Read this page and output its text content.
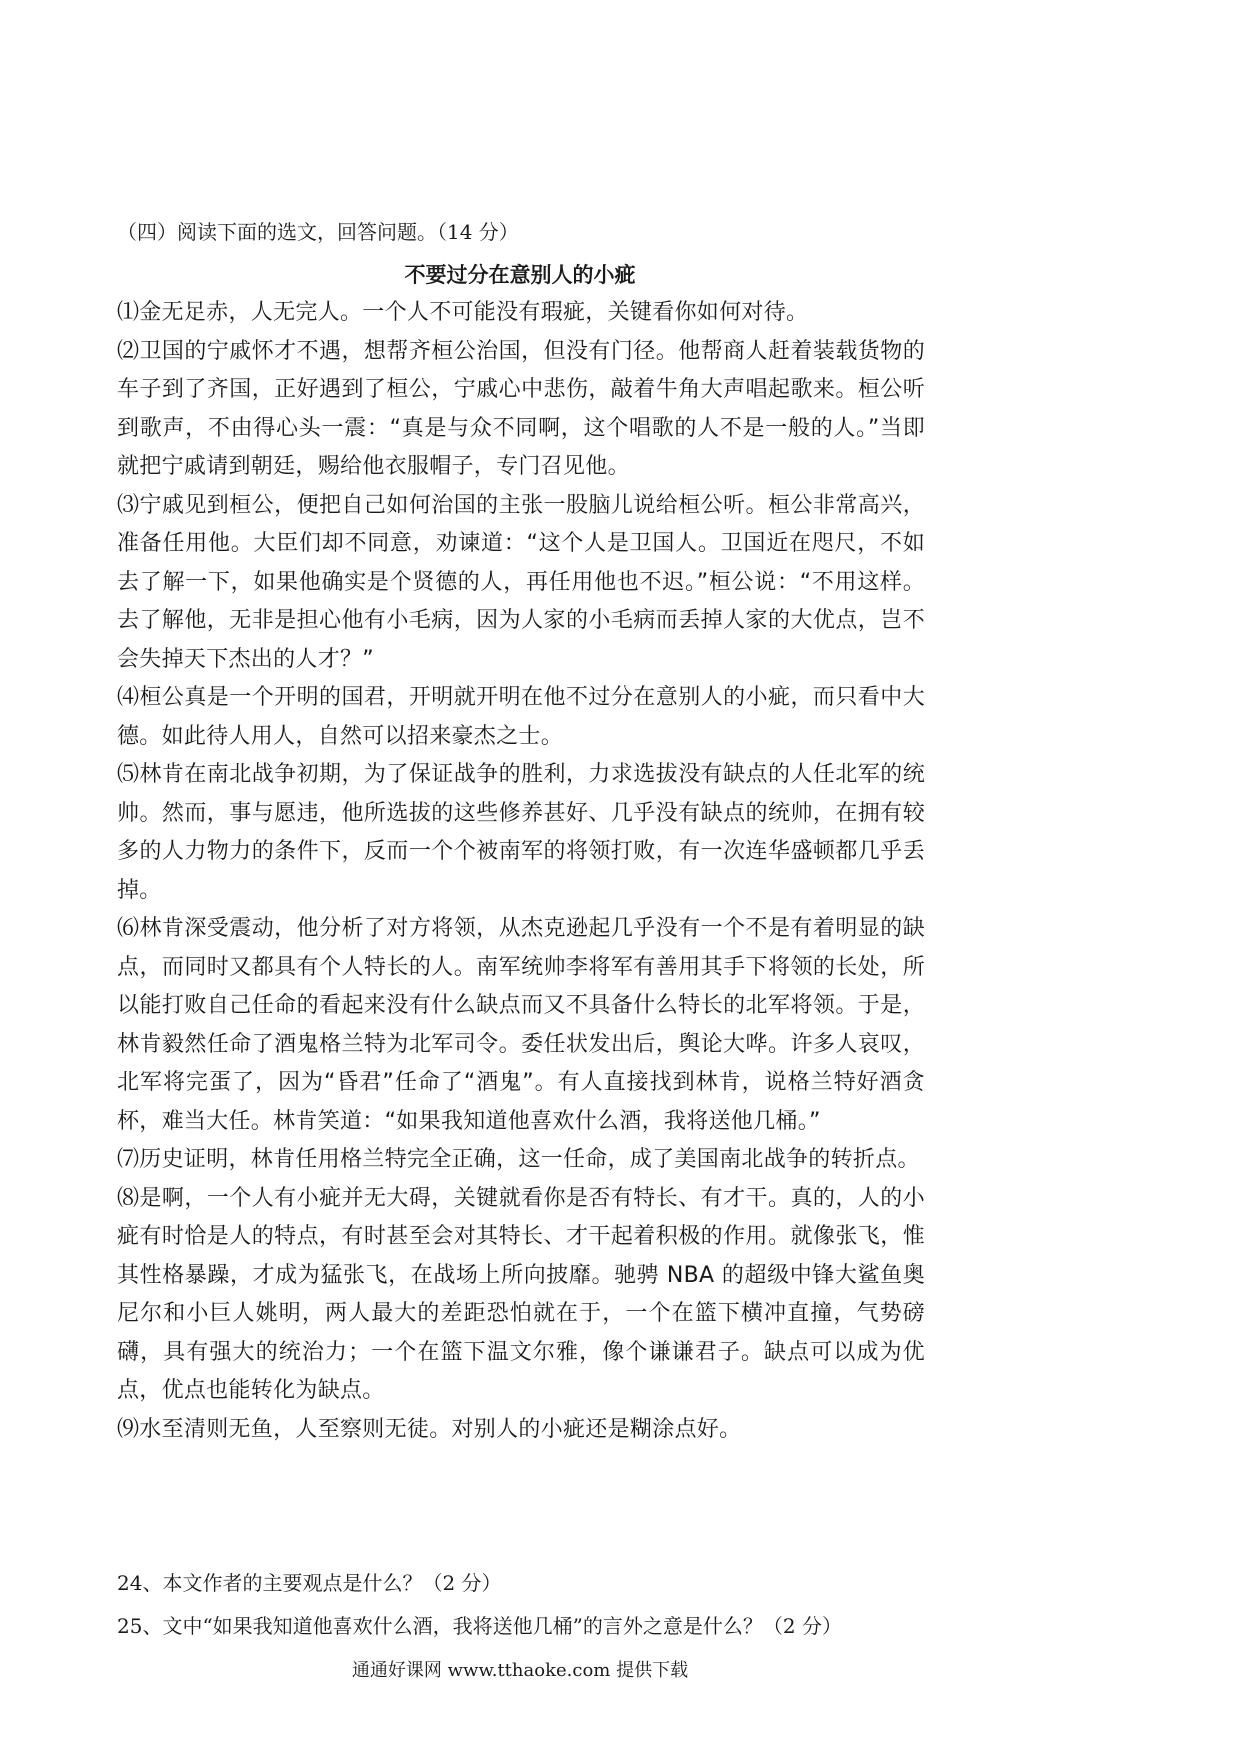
（四）阅读下面的选文，回答问题。（14 分）
不要过分在意别人的小疵

⑴金无足赤，人无完人。一个人不可能没有瑕疵，关键看你如何对待。

⑵卫国的宁戚怀才不遇，想帮齐桓公治国，但没有门径。他帮商人赶着装载货物的车子到了齐国，正好遇到了桓公，宁戚心中悲伤，敲着牛角大声唱起歌来。桓公听到歌声，不由得心头一震：“真是与众不同啊，这个唱歌的人不是一般的人。”当即就把宁戚请到朝廷，赐给他衣服帽子，专门召见他。

⑶宁戚见到桓公，便把自己如何治国的主张一股脑儿说给桓公听。桓公非常高兴，准备任用他。大臣们却不同意，劝谏道：“这个人是卫国人。卫国近在咫尺，不如去了解一下，如果他确实是个贤德的人，再任用他也不迟。”桓公说：“不用这样。去了解他，无非是担心他有小毛病，因为人家的小毛病而丢掉人家的大优点，岂不会失掉天下杰出的人才？”

⑷桓公真是一个开明的国君，开明就开明在他不过分在意别人的小疵，而只看中大德。如此待人用人，自然可以招来豪杰之士。

⑸林肯在南北战争初期，为了保证战争的胜利，力求选拔没有缺点的人任北军的统帅。然而，事与愿违，他所选拔的这些修养甚好、几乎没有缺点的统帅，在拥有较多的人力物力的条件下，反而一个个被南军的将领打败，有一次连华盛顿都几乎丢掉。

⑹林肯深受震动，他分析了对方将领，从杰克逊起几乎没有一个不是有着明显的缺点，而同时又都具有个人特长的人。南军统帅李将军有善用其手下将领的长处，所以能打败自己任命的看起来没有什么缺点而又不具备什么特长的北军将领。于是，林肯毅然任命了酒鬼格兰特为北军司令。委任状发出后，舆论大哗。许多人哀叹，北军将完蛋了，因为“昏君”任命了“酒鬼”。有人直接找到林肯，说格兰特好酒贪杯，难当大任。林肯笑道：“如果我知道他喜欢什么酒，我将送他几桶。”

⑺历史证明，林肯任用格兰特完全正确，这一任命，成了美国南北战争的转折点。

⑻是啊，一个人有小疵并无大碍，关键就看你是否有特长、有才干。真的，人的小疵有时恰是人的特点，有时甚至会对其特长、才干起着积极的作用。就像张飞，惟其性格暴躁，才成为猛张飞，在战场上所向披靡。驰骋 NBA 的超级中锋大鲨鱼奥尼尔和小巨人姚明，两人最大的差距恐怕就在于，一个在篮下横冲直撞，气势磅礴，具有强大的统治力；一个在篮下温文尔雅，像个谦谦君子。缺点可以成为优点，优点也能转化为缺点。

⑼水至清则无鱼，人至察则无徒。对别人的小疵还是糊涂点好。

24、本文作者的主要观点是什么？（2 分）
25、文中“如果我知道他喜欢什么酒，我将送他几桶”的言外之意是什么？（2 分）
通通好课网 www.tthaoke.com 提供下载
